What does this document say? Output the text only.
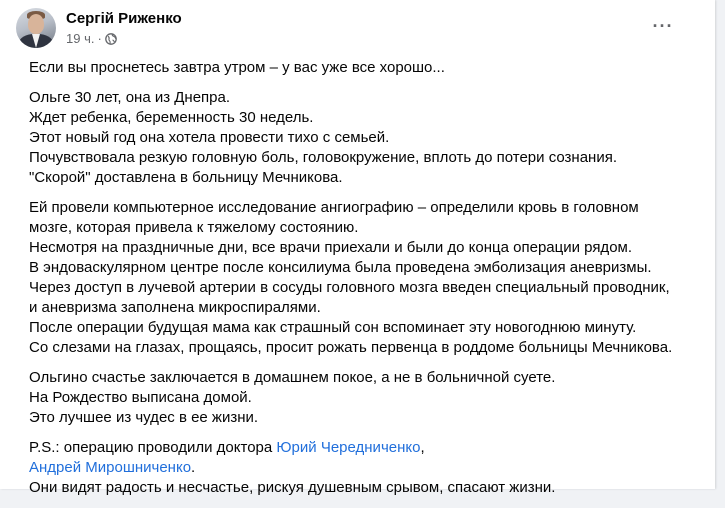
Сергій Риженко
19 ч. ·
···
Если вы проснетесь завтра утром – у вас уже все хорошо...
Ольге 30 лет, она из Днепра.
Ждет ребенка, беременность 30 недель.
Этот новый год она хотела провести тихо с семьей.
Почувствовала резкую головную боль, головокружение, вплоть до потери сознания.
"Скорой" доставлена в больницу Мечникова.
Ей провели компьютерное исследование ангиографию – определили кровь в головном
мозге, которая привела к тяжелому состоянию.
Несмотря на праздничные дни, все врачи приехали и были до конца операции рядом.
В эндоваскулярном центре после консилиума была проведена эмболизация аневризмы.
Через доступ в лучевой артерии в сосуды головного мозга введен специальный проводник,
и аневризма заполнена микроспиралями.
После операции будущая мама как страшный сон вспоминает эту новогоднюю минуту.
Со слезами на глазах, прощаясь, просит рожать первенца в роддоме больницы Мечникова.
Ольгино счастье заключается в домашнем покое, а не в больничной суете.
На Рождество выписана домой.
Это лучшее из чудес в ее жизни.
P.S.: операцию проводили доктора Юрий Чередниченко,
Андрей Мирошниченко.
Они видят радость и несчастье, рискуя душевным срывом, спасают жизни.
